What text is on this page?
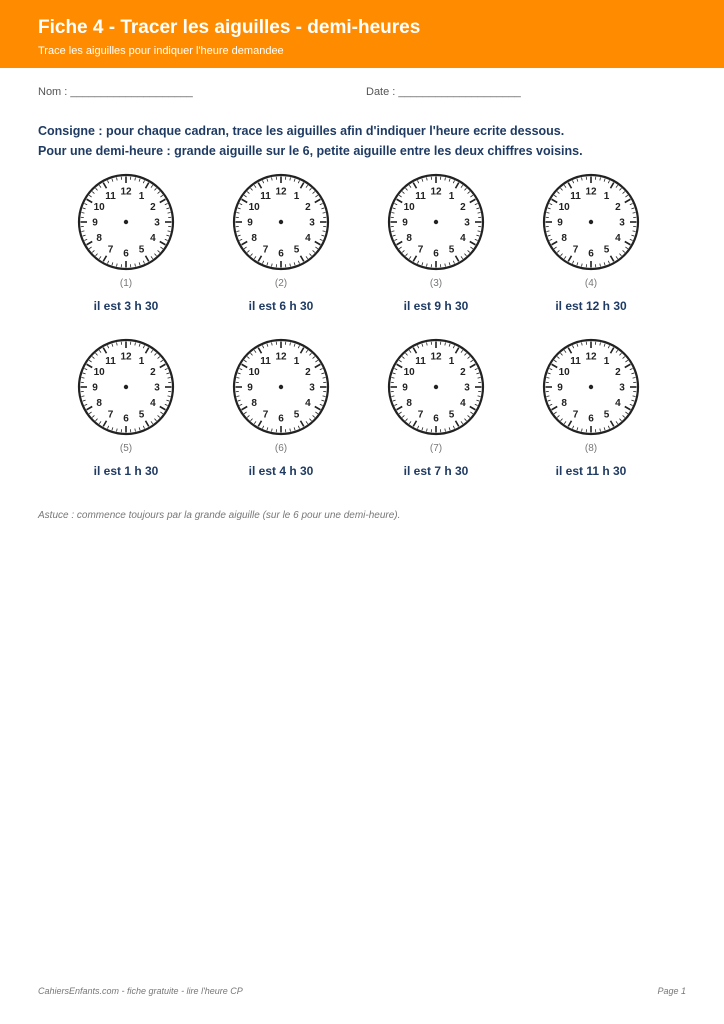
Fiche 4 - Tracer les aiguilles - demi-heures
Trace les aiguilles pour indiquer l'heure demandee
Nom : ____________________	Date : ____________________
Consigne : pour chaque cadran, trace les aiguilles afin d'indiquer l'heure ecrite dessous.
Pour une demi-heure : grande aiguille sur le 6, petite aiguille entre les deux chiffres voisins.
12 1
2
3
4
5
6
7
8
9
10
11
(1)
il est 3 h 30
12 1
2
3
4
5
6
7
8
9
10
11
(2)
il est 6 h 30
12 1
2
3
4
5
6
7
8
9
10
11
(3)
il est 9 h 30
12 1
2
3
4
5
6
7
8
9
10
11
(4)
il est 12 h 30
12 1
2
3
4
5
6
7
8
9
10
11
(5)
il est 1 h 30
12 1
2
3
4
5
6
7
8
9
10
11
(6)
il est 4 h 30
12 1
2
3
4
5
6
7
8
9
10
11
(7)
il est 7 h 30
12 1
2
3
4
5
6
7
8
9
10
11
(8)
il est 11 h 30
Astuce : commence toujours par la grande aiguille (sur le 6 pour une demi-heure).
CahiersEnfants.com - fiche gratuite - lire l'heure CP	Page 1
